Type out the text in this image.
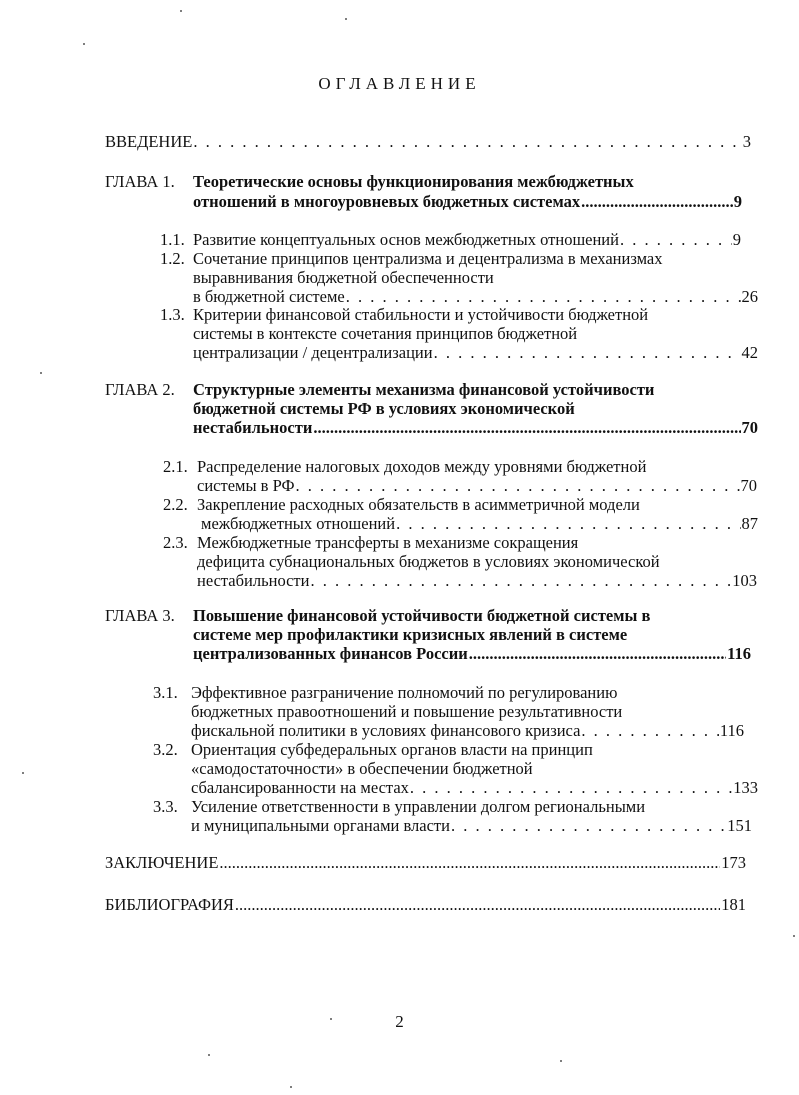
ОГЛАВЛЕНИЕ
ВВЕДЕНИЕ . . .	3
ГЛАВА 1. Теоретические основы функционирования межбюджетных
отношений в многоуровневых бюджетных системах .....	9
1.1. Развитие концептуальных основ межбюджетных отношений . . .	9
1.2. Сочетание принципов централизма и децентрализма в механизмах
выравнивания бюджетной обеспеченности
в бюджетной системе . . .	26
1.3. Критерии финансовой стабильности и устойчивости бюджетной
системы в контексте сочетания принципов бюджетной
централизации / децентрализации . . .	42
ГЛАВА 2. Структурные элементы механизма финансовой устойчивости
бюджетной системы РФ в условиях экономической
нестабильности .....	70
2.1. Распределение налоговых доходов между уровнями бюджетной
системы в РФ . . .	70
2.2. Закрепление расходных обязательств в асимметричной модели
межбюджетных отношений . . .	87
2.3. Межбюджетные трансферты в механизме сокращения
дефицита субнациональных бюджетов в условиях экономической
нестабильности . . .	103
ГЛАВА 3. Повышение финансовой устойчивости бюджетной системы в
системе мер профилактики кризисных явлений в системе
централизованных финансов России .....	116
3.1. Эффективное разграничение полномочий по регулированию
бюджетных правоотношений и повышение результативности
фискальной политики в условиях финансового кризиса . . .	116
3.2. Ориентация субфедеральных органов власти на принцип
«самодостаточности» в обеспечении бюджетной
сбалансированности на местах . . .	133
3.3. Усиление ответственности в управлении долгом региональными
и муниципальными органами власти . . .	151
ЗАКЛЮЧЕНИЕ .....	173
БИБЛИОГРАФИЯ .....	181
2
